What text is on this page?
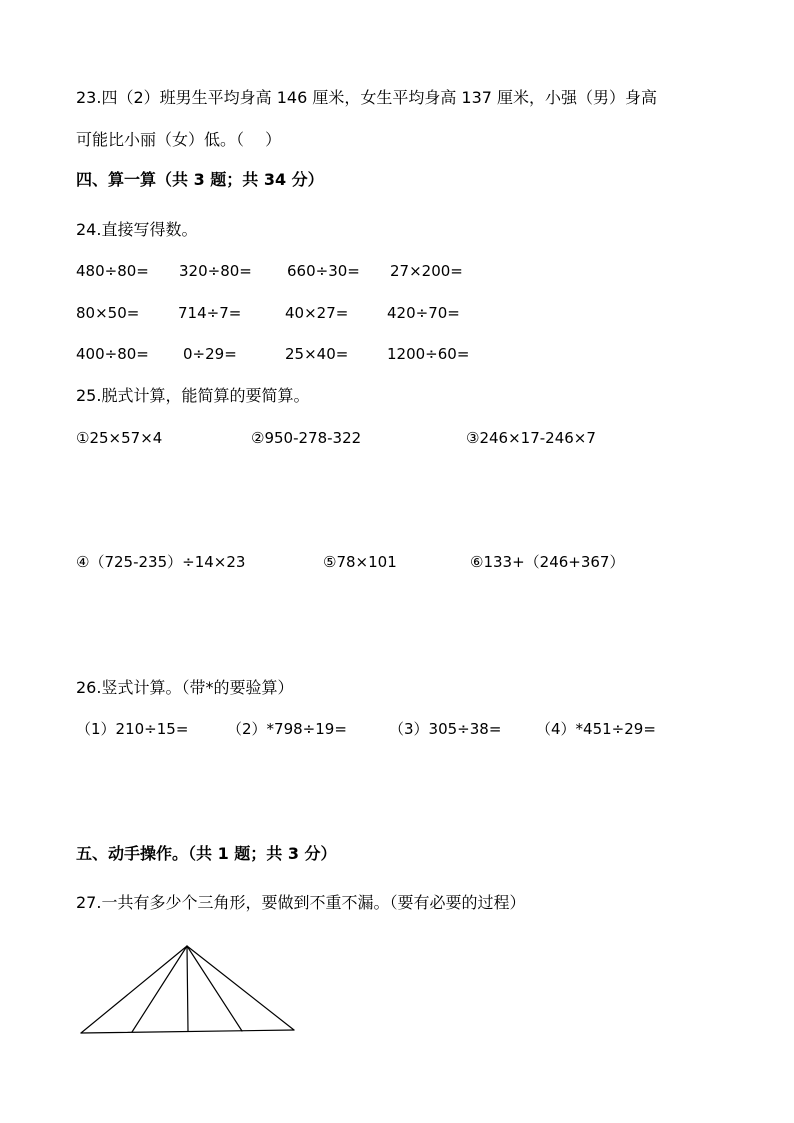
23.四（2）班男生平均身高 146 厘米，女生平均身高 137 厘米，小强（男）身高
可能比小丽（女）低。（　 ）
四、算一算（共 3 题；共 34 分）
24.直接写得数。
480÷80= 320÷80= 660÷30= 27×200=
80×50=	714÷7=	40×27=	420÷70=
400÷80= 0÷29=	25×40=	1200÷60=
25.脱式计算，能简算的要简算。
①25×57×4	②950-278-322	③246×17-246×7
④（725-235）÷14×23	⑤78×101	⑥133+（246+367）
26.竖式计算。（带*的要验算）
（1）210÷15=	（2）*798÷19=	（3）305÷38= （4）*451÷29=
五、动手操作。（共 1 题；共 3 分）
27.一共有多少个三角形，要做到不重不漏。（要有必要的过程）
